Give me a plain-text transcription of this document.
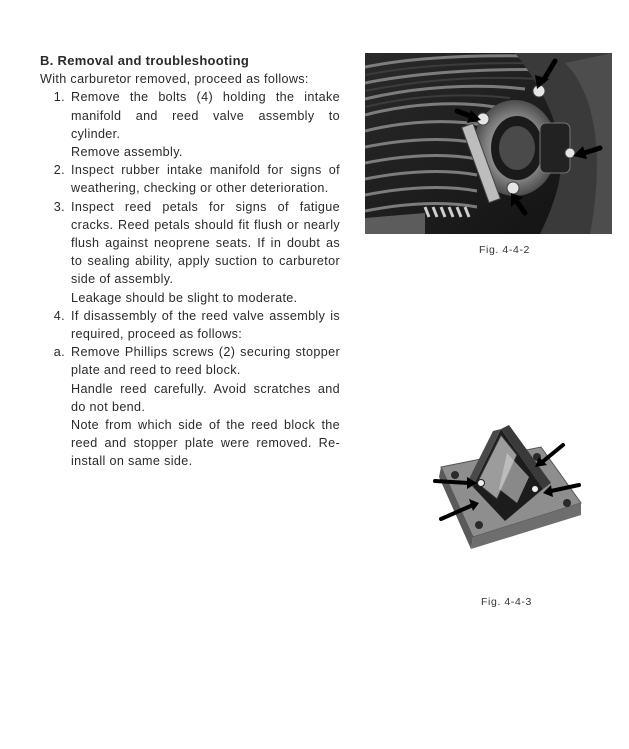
B. Removal and troubleshooting
With carburetor removed, proceed as follows:
1. Remove the bolts (4) holding the intake manifold and reed valve assembly to cylinder.

Remove assembly.

2. Inspect rubber intake manifold for signs of weathering, checking or other deterioration.

3. Inspect reed petals for signs of fatigue cracks. Reed petals should fit flush or nearly flush against neoprene seats. If in doubt as to sealing ability, apply suction to carburetor side of assembly.

Leakage should be slight to moderate.

4. If disassembly of the reed valve assembly is required, proceed as follows:

a. Remove Phillips screws (2) securing stopper plate and reed to reed block.

Handle reed carefully. Avoid scratches and do not bend.

Note from which side of the reed block the reed and stopper plate were removed. Re-install on same side.

Fig. 4-4-2
Fig. 4-4-3
